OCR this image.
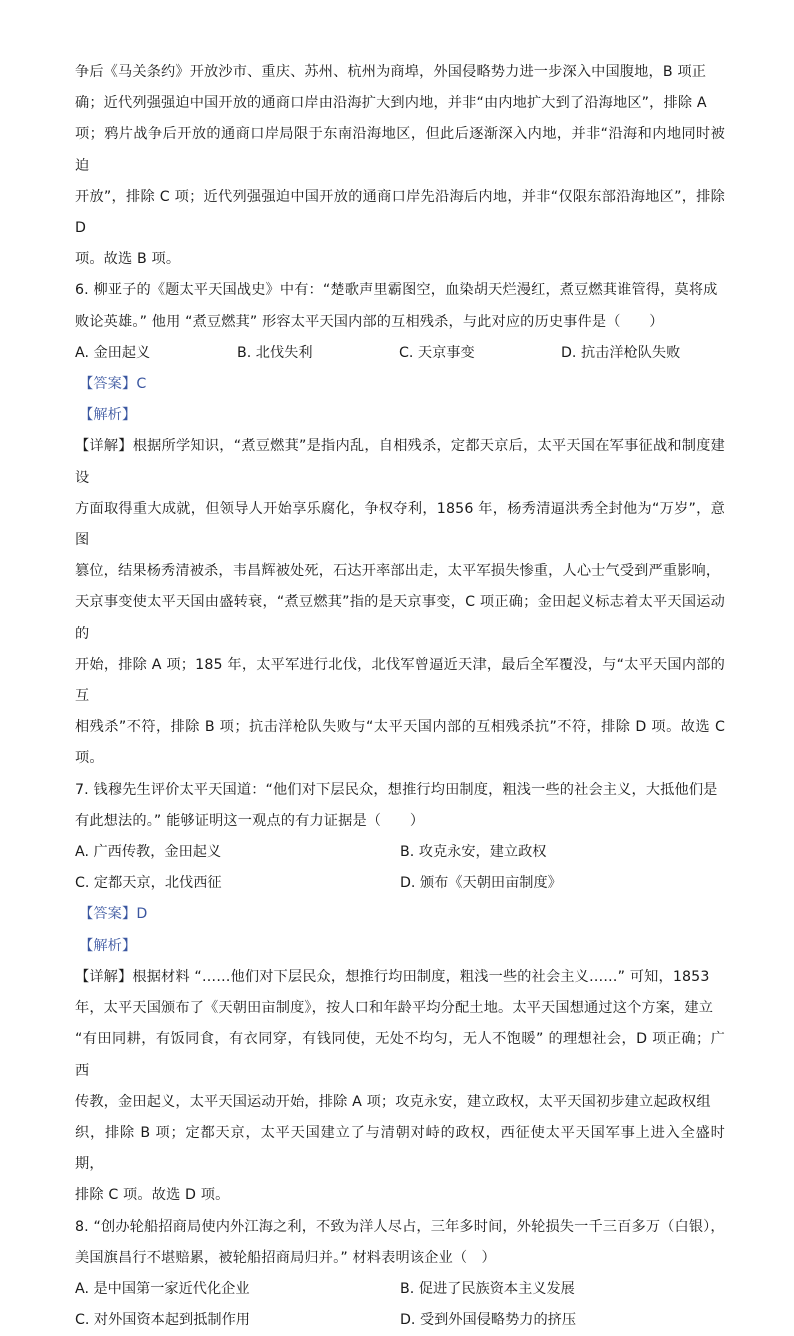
争后《马关条约》开放沙市、重庆、苏州、杭州为商埠，外国侵略势力进一步深入中国腹地，B 项正

确；近代列强强迫中国开放的通商口岸由沿海扩大到内地，并非“由内地扩大到了沿海地区”，排除 A

项；鸦片战争后开放的通商口岸局限于东南沿海地区，但此后逐渐深入内地，并非“沿海和内地同时被迫

开放”，排除 C 项；近代列强强迫中国开放的通商口岸先沿海后内地，并非“仅限东部沿海地区”，排除 D

项。故选 B 项。

6. 柳亚子的《题太平天国战史》中有：“楚歌声里霸图空，血染胡天烂漫红，煮豆燃萁谁管得，莫将成

败论英雄。” 他用 “煮豆燃萁” 形容太平天国内部的互相残杀，与此对应的历史事件是（　　）

A. 金田起义	B. 北伐失利	C. 天京事变	D. 抗击洋枪队失败

【答案】C

【解析】

【详解】根据所学知识，“煮豆燃萁”是指内乱，自相残杀，定都天京后，太平天国在军事征战和制度建设

方面取得重大成就，但领导人开始享乐腐化，争权夺利，1856 年，杨秀清逼洪秀全封他为“万岁”，意图

篡位，结果杨秀清被杀，韦昌辉被处死，石达开率部出走，太平军损失惨重，人心士气受到严重影响，

天京事变使太平天国由盛转衰，“煮豆燃萁”指的是天京事变，C 项正确；金田起义标志着太平天国运动的

开始，排除 A 项；185 年，太平军进行北伐，北伐军曾逼近天津，最后全军覆没，与“太平天国内部的互

相残杀”不符，排除 B 项；抗击洋枪队失败与“太平天国内部的互相残杀抗”不符，排除 D 项。故选 C 项。

7. 钱穆先生评价太平天国道：“他们对下层民众，想推行均田制度，粗浅一些的社会主义，大抵他们是

有此想法的。” 能够证明这一观点的有力证据是（　　）

A. 广西传教，金田起义	B. 攻克永安，建立政权
C. 定都天京，北伐西征	D. 颁布《天朝田亩制度》

【答案】D

【解析】

【详解】根据材料 “……他们对下层民众，想推行均田制度，粗浅一些的社会主义……” 可知，1853

年，太平天国颁布了《天朝田亩制度》，按人口和年龄平均分配土地。太平天国想通过这个方案，建立

“有田同耕，有饭同食，有衣同穿，有钱同使，无处不均匀，无人不饱暖” 的理想社会，D 项正确；广西

传教，金田起义，太平天国运动开始，排除 A 项；攻克永安，建立政权，太平天国初步建立起政权组

织，排除 B 项；定都天京，太平天国建立了与清朝对峙的政权，西征使太平天国军事上进入全盛时期，

排除 C 项。故选 D 项。

8. “创办轮船招商局使内外江海之利，不致为洋人尽占，三年多时间，外轮损失一千三百多万（白银），

美国旗昌行不堪赔累，被轮船招商局归并。” 材料表明该企业（　）

A. 是中国第一家近代化企业	B. 促进了民族资本主义发展
C. 对外国资本起到抵制作用	D. 受到外国侵略势力的挤压
